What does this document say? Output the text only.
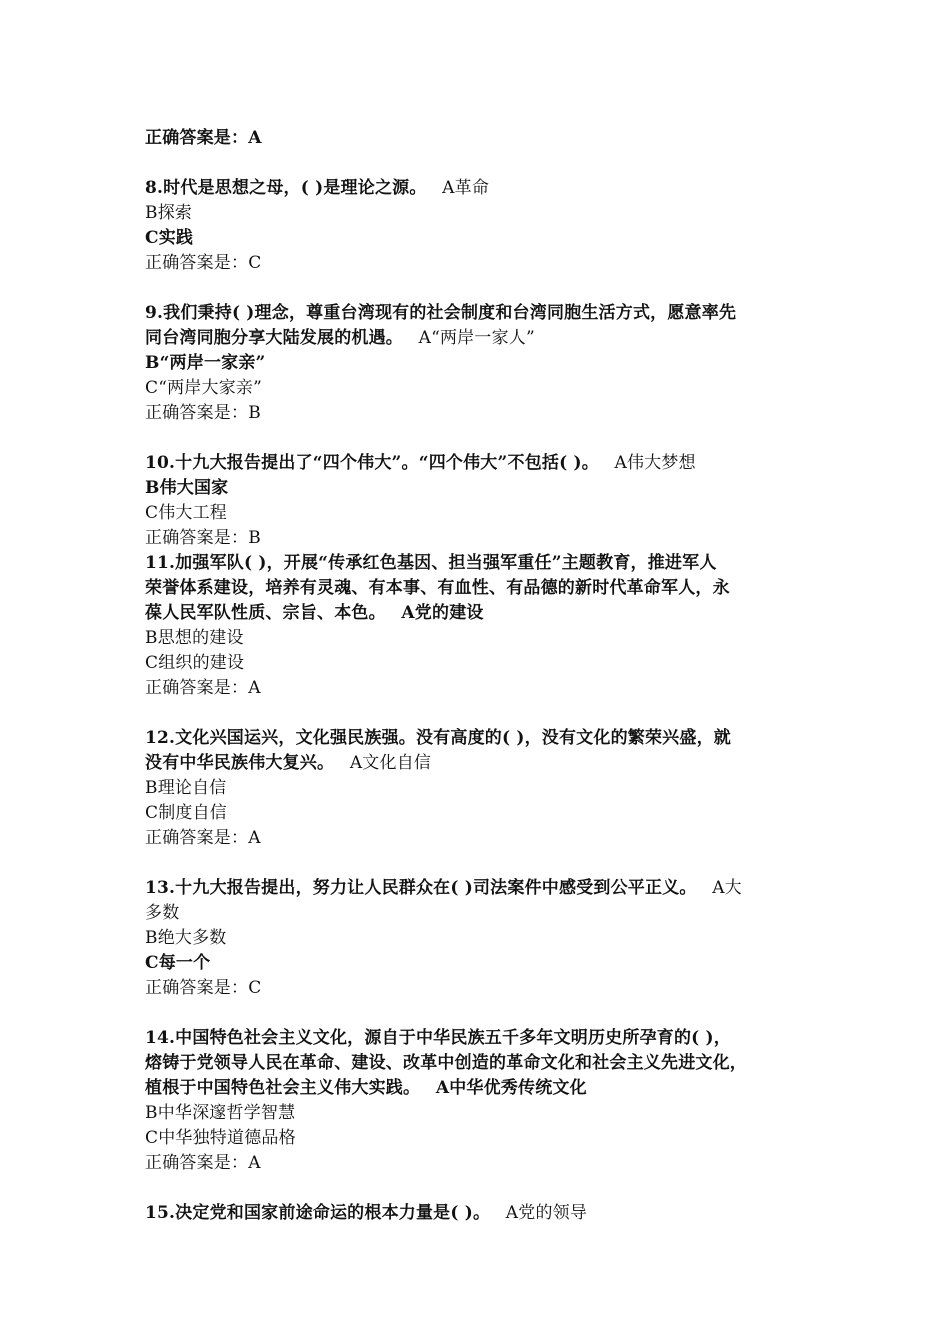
正确答案是：A
8.时代是思想之母，( )是理论之源。 A革命
B探索
C实践
正确答案是：C
9.我们秉持( )理念，尊重台湾现有的社会制度和台湾同胞生活方式，愿意率先
同台湾同胞分享大陆发展的机遇。 A“两岸一家人”
B“两岸一家亲”
C“两岸大家亲”
正确答案是：B
10.十九大报告提出了“四个伟大”。“四个伟大”不包括( )。 A伟大梦想
B伟大国家
C伟大工程
正确答案是：B
11.加强军队( )，开展“传承红色基因、担当强军重任”主题教育，推进军人
荣誉体系建设，培养有灵魂、有本事、有血性、有品德的新时代革命军人，永
葆人民军队性质、宗旨、本色。 A党的建设
B思想的建设
C组织的建设
正确答案是：A
12.文化兴国运兴，文化强民族强。没有高度的( )，没有文化的繁荣兴盛，就
没有中华民族伟大复兴。 A文化自信
B理论自信
C制度自信
正确答案是：A
13.十九大报告提出，努力让人民群众在( )司法案件中感受到公平正义。 A大
多数
B绝大多数
C每一个
正确答案是：C
14.中国特色社会主义文化，源自于中华民族五千多年文明历史所孕育的( )，
熔铸于党领导人民在革命、建设、改革中创造的革命文化和社会主义先进文化，
植根于中国特色社会主义伟大实践。 A中华优秀传统文化
B中华深邃哲学智慧
C中华独特道德品格
正确答案是：A
15.决定党和国家前途命运的根本力量是( )。 A党的领导
